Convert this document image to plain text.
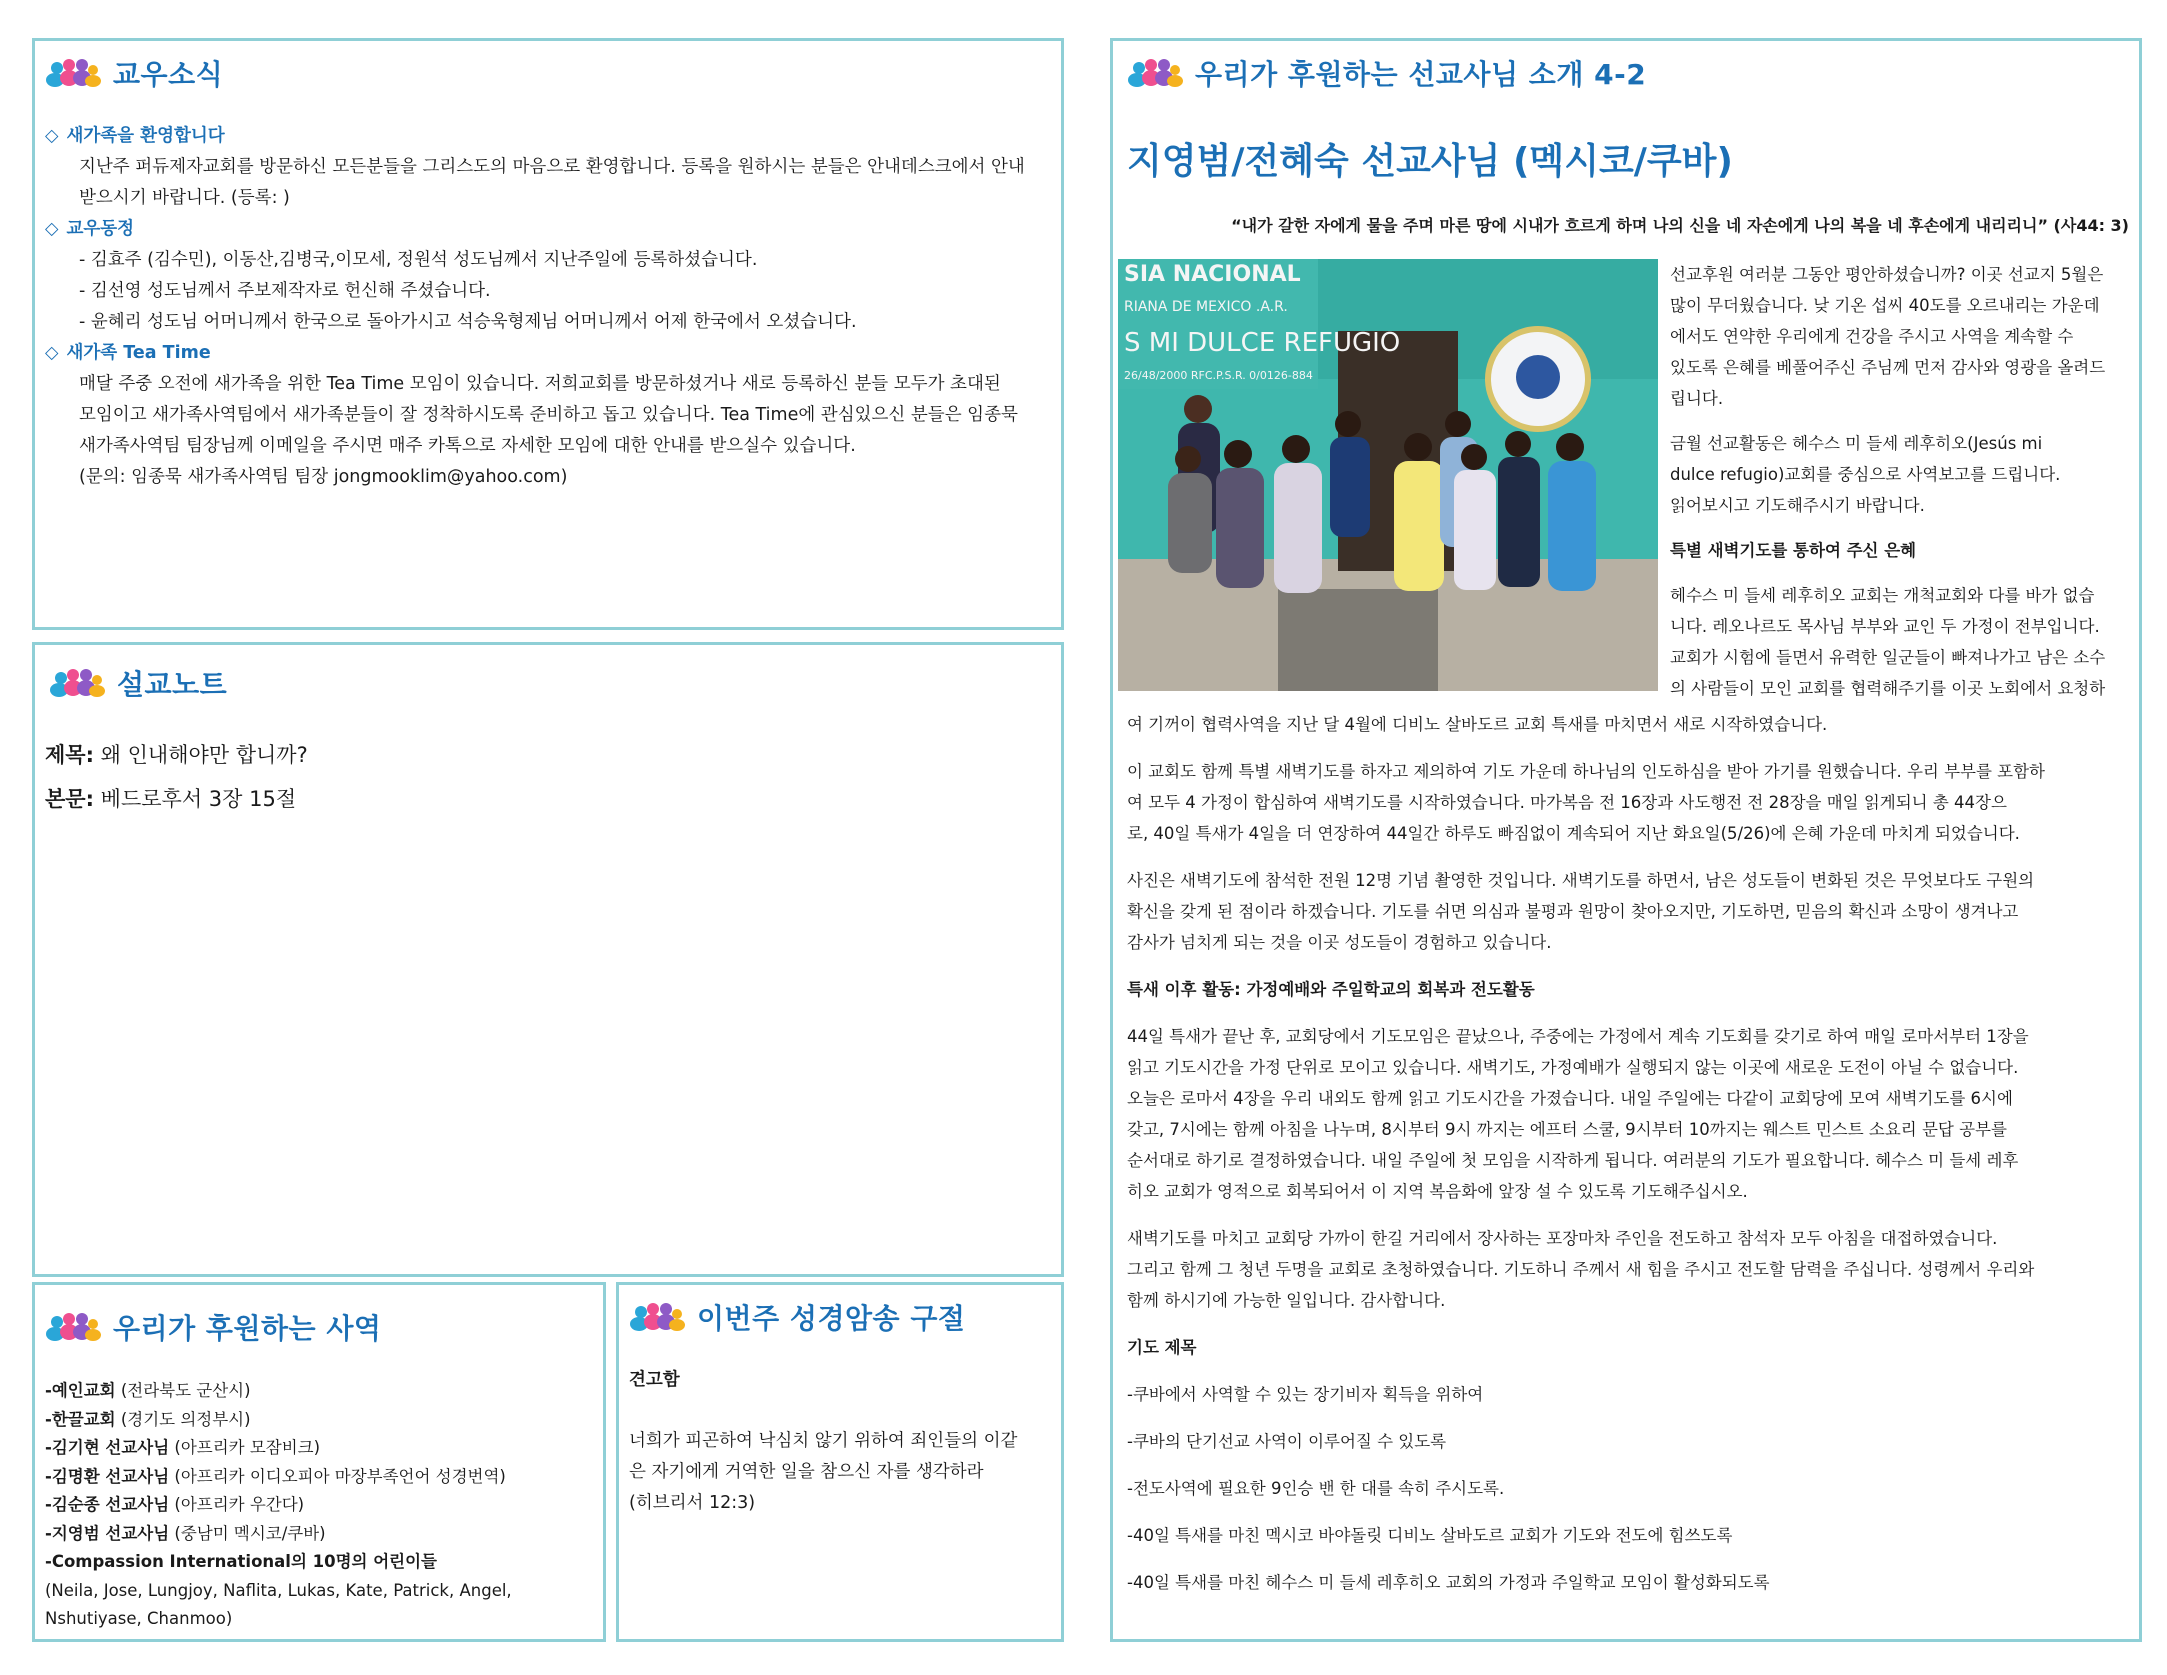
교우소식
◇ 새가족을 환영합니다
지난주 퍼듀제자교회를 방문하신 모든분들을 그리스도의 마음으로 환영합니다. 등록을 원하시는 분들은 안내데스크에서 안내
받으시기 바랍니다. (등록: )
◇ 교우동정
- 김효주 (김수민), 이동산,김병국,이모세, 정원석 성도님께서 지난주일에 등록하셨습니다.
- 김선영 성도님께서 주보제작자로 헌신해 주셨습니다.
- 윤혜리 성도님 어머니께서 한국으로 돌아가시고 석승욱형제님 어머니께서 어제 한국에서 오셨습니다.
◇ 새가족 Tea Time
매달 주중 오전에 새가족을 위한 Tea Time 모임이 있습니다. 저희교회를 방문하셨거나 새로 등록하신 분들 모두가 초대된
모임이고 새가족사역팀에서 새가족분들이 잘 정착하시도록 준비하고 돕고 있습니다. Tea Time에 관심있으신 분들은 임종묵
새가족사역팀 팀장님께 이메일을 주시면 매주 카톡으로 자세한 모임에 대한 안내를 받으실수 있습니다.
(문의: 임종묵 새가족사역팀 팀장 jongmooklim@yahoo.com)
설교노트
제목: 왜 인내해야만 합니까?
본문: 베드로후서 3장 15절
우리가 후원하는 사역
-예인교회 (전라북도 군산시)
-한끌교회 (경기도 의정부시)
-김기현 선교사님 (아프리카 모잠비크)
-김명환 선교사님 (아프리카 이디오피아 마장부족언어 성경번역)
-김순종 선교사님 (아프리카 우간다)
-지영범 선교사님 (중남미 멕시코/쿠바)
-Compassion International의 10명의 어린이들
(Neila, Jose, Lungjoy, Naflita, Lukas, Kate, Patrick, Angel,
Nshutiyase, Chanmoo)
이번주 성경암송 구절
견고함
너희가 피곤하여 낙심치 않기 위하여 죄인들의 이같
은 자기에게 거역한 일을 참으신 자를 생각하라
(히브리서 12:3)
우리가 후원하는 선교사님 소개 4-2
지영범/전혜숙 선교사님 (멕시코/쿠바)
“내가 갈한 자에게 물을 주며 마른 땅에 시내가 흐르게 하며 나의 신을 네 자손에게 나의 복을 네 후손에게 내리리니” (사44: 3)
SIA NACIONAL
RIANA DE MEXICO .A.R.
S MI DULCE REFUGIO
26/48/2000 RFC.P.S.R. 0/0126-884
선교후원 여러분 그동안 평안하셨습니까? 이곳 선교지 5월은
많이 무더웠습니다. 낮 기온 섭씨 40도를 오르내리는 가운데
에서도 연약한 우리에게 건강을 주시고 사역을 계속할 수
있도록 은혜를 베풀어주신 주님께 먼저 감사와 영광을 올려드
립니다.
금월 선교활동은 헤수스 미 들세 레후히오(Jesús mi
dulce refugio)교회를 중심으로 사역보고를 드립니다.
읽어보시고 기도해주시기 바랍니다.
특별 새벽기도를 통하여 주신 은혜
헤수스 미 들세 레후히오 교회는 개척교회와 다를 바가 없습
니다. 레오나르도 목사님 부부와 교인 두 가정이 전부입니다.
교회가 시험에 들면서 유력한 일군들이 빠져나가고 남은 소수
의 사람들이 모인 교회를 협력해주기를 이곳 노회에서 요청하
여 기꺼이 협력사역을 지난 달 4월에 디비노 살바도르 교회 특새를 마치면서 새로 시작하였습니다.
이 교회도 함께 특별 새벽기도를 하자고 제의하여 기도 가운데 하나님의 인도하심을 받아 가기를 원했습니다. 우리 부부를 포함하
여 모두 4 가정이 합심하여 새벽기도를 시작하였습니다. 마가복음 전 16장과 사도행전 전 28장을 매일 읽게되니 총 44장으
로, 40일 특새가 4일을 더 연장하여 44일간 하루도 빠짐없이 계속되어 지난 화요일(5/26)에 은혜 가운데 마치게 되었습니다.
사진은 새벽기도에 참석한 전원 12명 기념 촬영한 것입니다. 새벽기도를 하면서, 남은 성도들이 변화된 것은 무엇보다도 구원의
확신을 갖게 된 점이라 하겠습니다. 기도를 쉬면 의심과 불평과 원망이 찾아오지만, 기도하면, 믿음의 확신과 소망이 생겨나고
감사가 넘치게 되는 것을 이곳 성도들이 경험하고 있습니다.
특새 이후 활동: 가정예배와 주일학교의 회복과 전도활동
44일 특새가 끝난 후, 교회당에서 기도모임은 끝났으나, 주중에는 가정에서 계속 기도회를 갖기로 하여 매일 로마서부터 1장을
읽고 기도시간을 가정 단위로 모이고 있습니다. 새벽기도, 가정예배가 실행되지 않는 이곳에 새로운 도전이 아닐 수 없습니다.
오늘은 로마서 4장을 우리 내외도 함께 읽고 기도시간을 가졌습니다. 내일 주일에는 다같이 교회당에 모여 새벽기도를 6시에
갖고, 7시에는 함께 아침을 나누며, 8시부터 9시 까지는 에프터 스쿨, 9시부터 10까지는 웨스트 민스트 소요리 문답 공부를
순서대로 하기로 결정하였습니다. 내일 주일에 첫 모임을 시작하게 됩니다. 여러분의 기도가 필요합니다. 헤수스 미 들세 레후
히오 교회가 영적으로 회복되어서 이 지역 복음화에 앞장 설 수 있도록 기도해주십시오.
새벽기도를 마치고 교회당 가까이 한길 거리에서 장사하는 포장마차 주인을 전도하고 참석자 모두 아침을 대접하였습니다.
그리고 함께 그 청년 두명을 교회로 초청하였습니다. 기도하니 주께서 새 힘을 주시고 전도할 담력을 주십니다. 성령께서 우리와
함께 하시기에 가능한 일입니다. 감사합니다.
기도 제목
-쿠바에서 사역할 수 있는 장기비자 획득을 위하여
-쿠바의 단기선교 사역이 이루어질 수 있도록
-전도사역에 필요한 9인승 밴 한 대를 속히 주시도록.
-40일 특새를 마친 멕시코 바야돌릿 디비노 살바도르 교회가 기도와 전도에 힘쓰도록
-40일 특새를 마친 헤수스 미 들세 레후히오 교회의 가정과 주일학교 모임이 활성화되도록
